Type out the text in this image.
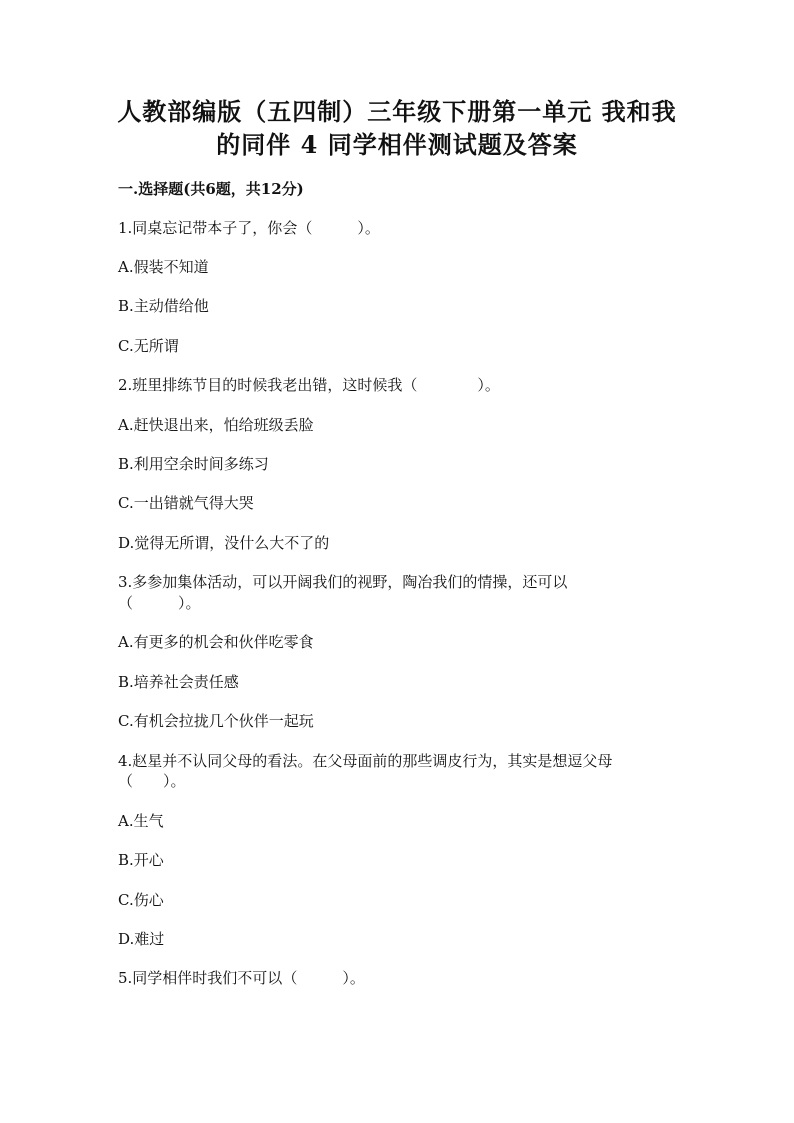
人教部编版（五四制）三年级下册第一单元 我和我
的同伴 4 同学相伴测试题及答案
一.选择题(共6题，共12分)

1.同桌忘记带本子了，你会（　　　）。

A.假装不知道

B.主动借给他

C.无所谓

2.班里排练节目的时候我老出错，这时候我（　　　　）。

A.赶快退出来，怕给班级丢脸

B.利用空余时间多练习

C.一出错就气得大哭

D.觉得无所谓，没什么大不了的

3.多参加集体活动，可以开阔我们的视野，陶冶我们的情操，还可以

（　　　）。

A.有更多的机会和伙伴吃零食

B.培养社会责任感

C.有机会拉拢几个伙伴一起玩

4.赵星并不认同父母的看法。在父母面前的那些调皮行为，其实是想逗父母

（　　）。

A.生气

B.开心

C.伤心

D.难过

5.同学相伴时我们不可以（　　　）。
